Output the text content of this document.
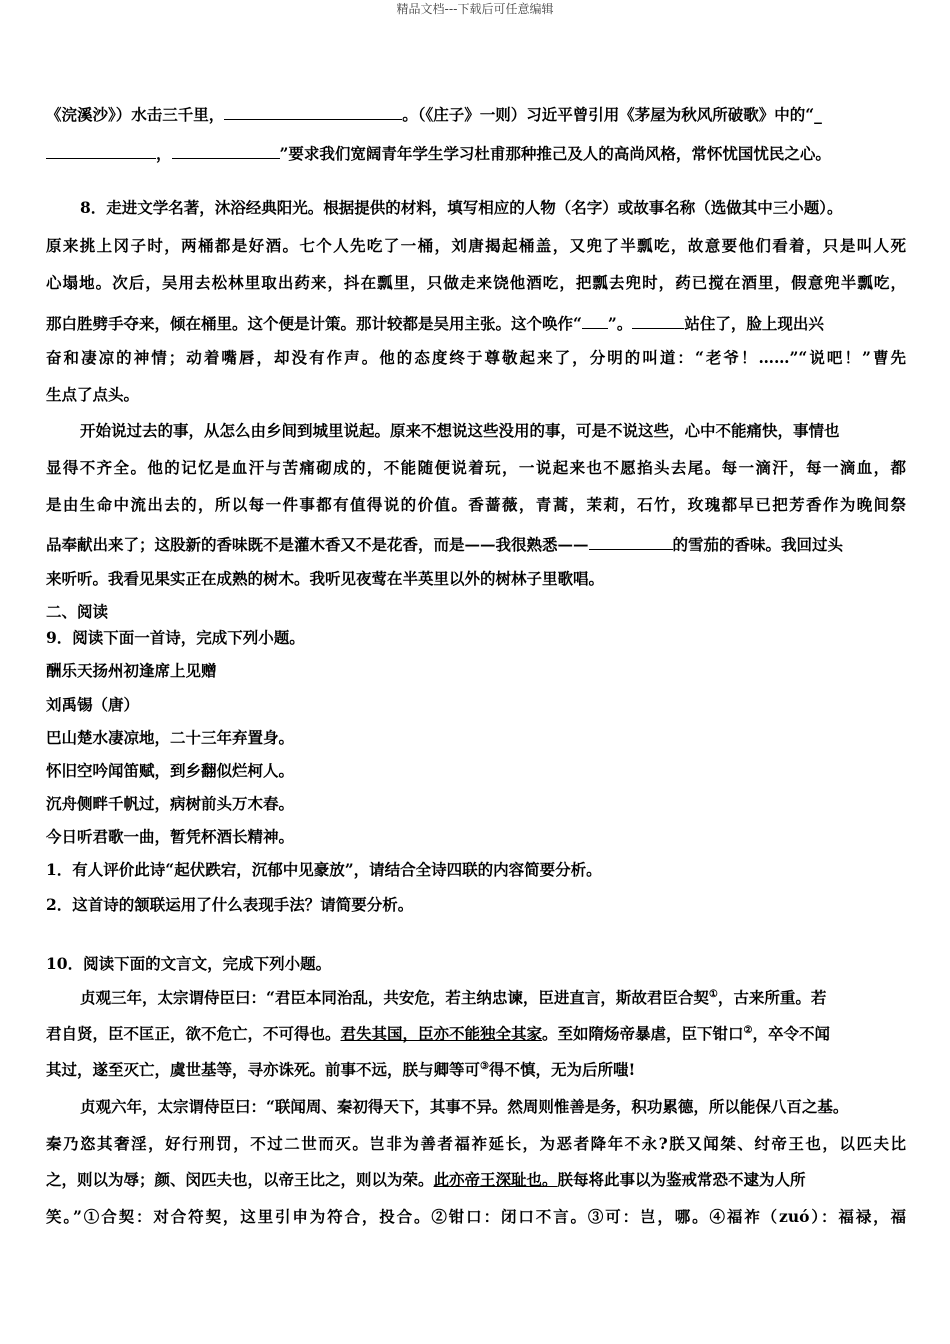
精品文档---下载后可任意编辑
《浣溪沙》）水击三千里，	。（《庄子》一则）习近平曾引用《茅屋为秋风所破歌》中的“_
，	”要求我们宽阔青年学生学习杜甫那种推己及人的高尚风格，常怀忧国忧民之心。
8．走进文学名著，沐浴经典阳光。根据提供的材料，填写相应的人物（名字）或故事名称（选做其中三小题）。
原来挑上冈子时，两桶都是好酒。七个人先吃了一桶，刘唐揭起桶盖，又兜了半瓢吃，故意要他们看着，只是叫人死
心塌地。次后，吴用去松林里取出药来，抖在瓢里，只做走来饶他酒吃，把瓢去兜时，药已搅在酒里，假意兜半瓢吃，
那白胜劈手夺来，倾在桶里。这个便是计策。那计较都是吴用主张。这个唤作“ ”。	站住了，脸上现出兴
奋和凄凉的神情；动着嘴唇，却没有作声。他的态度终于尊敬起来了，分明的叫道：“老爷！……”“说吧！”曹先
生点了点头。
开始说过去的事，从怎么由乡间到城里说起。原来不想说这些没用的事，可是不说这些，心中不能痛快，事情也
显得不齐全。他的记忆是血汗与苦痛砌成的，不能随便说着玩，一说起来也不愿掐头去尾。每一滴汗，每一滴血，都
是由生命中流出去的，所以每一件事都有值得说的价值。香蔷薇，青蒿，茉莉，石竹，玫瑰都早已把芳香作为晚间祭
品奉献出来了；这股新的香味既不是灌木香又不是花香，而是——我很熟悉——	的雪茄的香味。我回过头
来听听。我看见果实正在成熟的树木。我听见夜莺在半英里以外的树林子里歌唱。
二、阅读
9．阅读下面一首诗，完成下列小题。
酬乐天扬州初逢席上见赠
刘禹锡（唐）
巴山楚水凄凉地，二十三年弃置身。
怀旧空吟闻笛赋，到乡翻似烂柯人。
沉舟侧畔千帆过，病树前头万木春。
今日听君歌一曲，暂凭杯酒长精神。
1．有人评价此诗“起伏跌宕，沉郁中见豪放”，请结合全诗四联的内容简要分析。
2．这首诗的颔联运用了什么表现手法？请简要分析。
10．阅读下面的文言文，完成下列小题。
贞观三年，太宗谓侍臣曰：“君臣本同治乱，共安危，若主纳忠谏，臣进直言，斯故君臣合契①，古来所重。若
君自贤，臣不匡正，欲不危亡，不可得也。君失其国，臣亦不能独全其家。至如隋炀帝暴虐，臣下钳口②，卒令不闻
其过，遂至灭亡，虞世基等，寻亦诛死。前事不远，朕与卿等可③得不慎，无为后所嗤!
贞观六年，太宗谓侍臣曰：“联闻周、秦初得天下，其事不异。然周则惟善是务，积功累德，所以能保八百之基。
秦乃恣其奢淫，好行刑罚，不过二世而灭。岂非为善者福祚延长，为恶者降年不永?朕又闻桀、纣帝王也，以匹夫比
之，则以为辱；颜、闵匹夫也，以帝王比之，则以为荣。此亦帝王深耻也。朕每将此事以为鉴戒常恐不逮为人所
笑。”①合契：对合符契，这里引申为符合，投合。②钳口：闭口不言。③可：岂，哪。④福祚（zuó）：福禄，福
